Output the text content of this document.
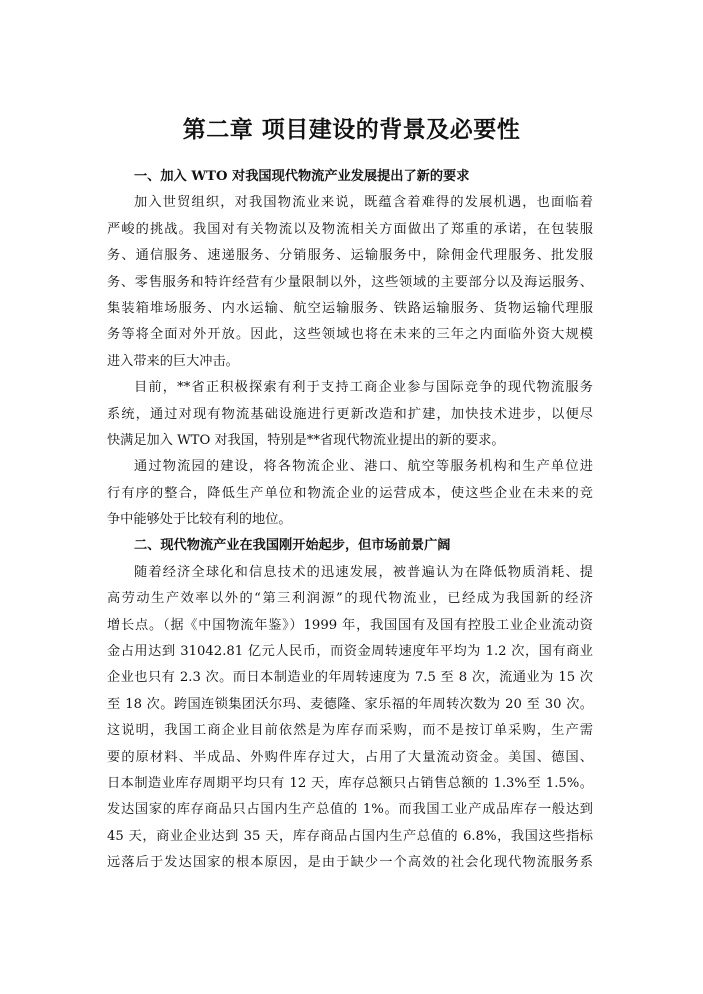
第二章 项目建设的背景及必要性
一、加入 WTO 对我国现代物流产业发展提出了新的要求
加入世贸组织，对我国物流业来说，既蕴含着难得的发展机遇，也面临着
严峻的挑战。我国对有关物流以及物流相关方面做出了郑重的承诺，在包装服
务、通信服务、速递服务、分销服务、运输服务中，除佣金代理服务、批发服
务、零售服务和特许经营有少量限制以外，这些领域的主要部分以及海运服务、
集装箱堆场服务、内水运输、航空运输服务、铁路运输服务、货物运输代理服
务等将全面对外开放。因此，这些领域也将在未来的三年之内面临外资大规模
进入带来的巨大冲击。
目前，**省正积极探索有利于支持工商企业参与国际竞争的现代物流服务
系统，通过对现有物流基础设施进行更新改造和扩建，加快技术进步，以便尽
快满足加入 WTO 对我国，特别是**省现代物流业提出的新的要求。
通过物流园的建设，将各物流企业、港口、航空等服务机构和生产单位进
行有序的整合，降低生产单位和物流企业的运营成本，使这些企业在未来的竞
争中能够处于比较有利的地位。
二、现代物流产业在我国刚开始起步，但市场前景广阔
随着经济全球化和信息技术的迅速发展，被普遍认为在降低物质消耗、提
高劳动生产效率以外的“第三利润源”的现代物流业，已经成为我国新的经济
增长点。（据《中国物流年鉴》）1999 年，我国国有及国有控股工业企业流动资
金占用达到 31042.81 亿元人民币，而资金周转速度年平均为 1.2 次，国有商业
企业也只有 2.3 次。而日本制造业的年周转速度为 7.5 至 8 次，流通业为 15 次
至 18 次。跨国连锁集团沃尔玛、麦德隆、家乐福的年周转次数为 20 至 30 次。
这说明，我国工商企业目前依然是为库存而采购，而不是按订单采购，生产需
要的原材料、半成品、外购件库存过大，占用了大量流动资金。美国、德国、
日本制造业库存周期平均只有 12 天，库存总额只占销售总额的 1.3%至 1.5%。
发达国家的库存商品只占国内生产总值的 1%。而我国工业产成品库存一般达到
45 天，商业企业达到 35 天，库存商品占国内生产总值的 6.8%，我国这些指标
远落后于发达国家的根本原因，是由于缺少一个高效的社会化现代物流服务系
